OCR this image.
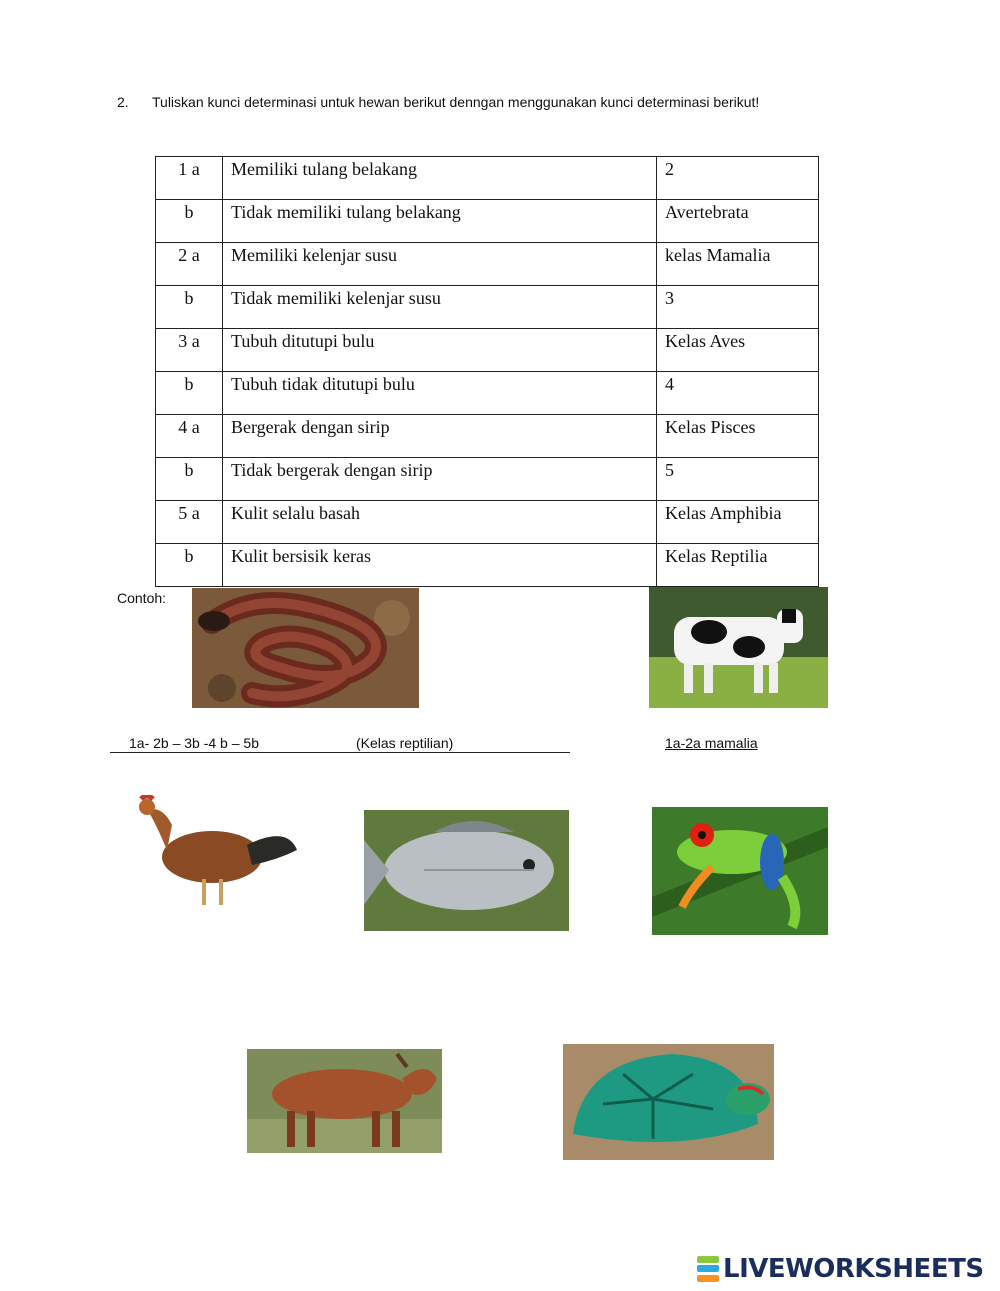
2. Tuliskan kunci determinasi untuk hewan berikut denngan menggunakan kunci determinasi berikut!
1 a	Memiliki tulang belakang	2
b	Tidak memiliki tulang belakang	Avertebrata
2 a	Memiliki kelenjar susu	kelas Mamalia
b	Tidak memiliki kelenjar susu	3
3 a	Tubuh ditutupi bulu	Kelas Aves
b	Tubuh tidak ditutupi bulu	4
4 a	Bergerak dengan sirip	Kelas Pisces
b	Tidak bergerak dengan sirip	5
5 a	Kulit selalu basah	Kelas Amphibia
b	Kulit bersisik keras	Kelas Reptilia
Contoh:
1a- 2b – 3b -4 b – 5b	(Kelas reptilian)	1a-2a mamalia
LIVEWORKSHEETS
